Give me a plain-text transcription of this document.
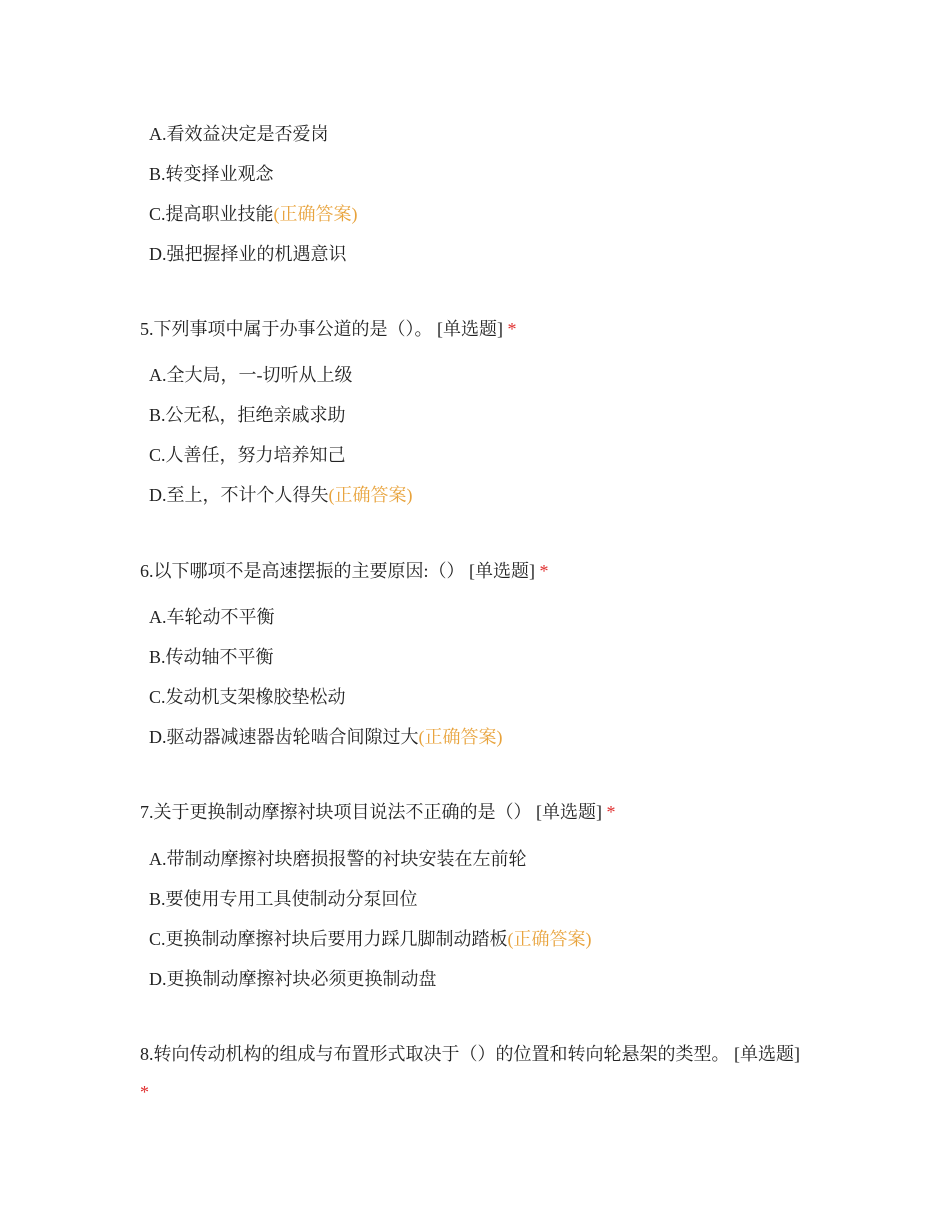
A.看效益决定是否爱岗
B.转变择业观念
C.提高职业技能(正确答案)
D.强把握择业的机遇意识
5.下列事项中属于办事公道的是（）。 [单选题] *
A.全大局，一-切听从上级
B.公无私，拒绝亲戚求助
C.人善任，努力培养知己
D.至上，不计个人得失(正确答案)
6.以下哪项不是高速摆振的主要原因:（） [单选题] *
A.车轮动不平衡
B.传动轴不平衡
C.发动机支架橡胶垫松动
D.驱动器减速器齿轮啮合间隙过大(正确答案)
7.关于更换制动摩擦衬块项目说法不正确的是（） [单选题] *
A.带制动摩擦衬块磨损报警的衬块安装在左前轮
B.要使用专用工具使制动分泵回位
C.更换制动摩擦衬块后要用力踩几脚制动踏板(正确答案)
D.更换制动摩擦衬块必须更换制动盘
8.转向传动机构的组成与布置形式取决于（）的位置和转向轮悬架的类型。 [单选题] *
